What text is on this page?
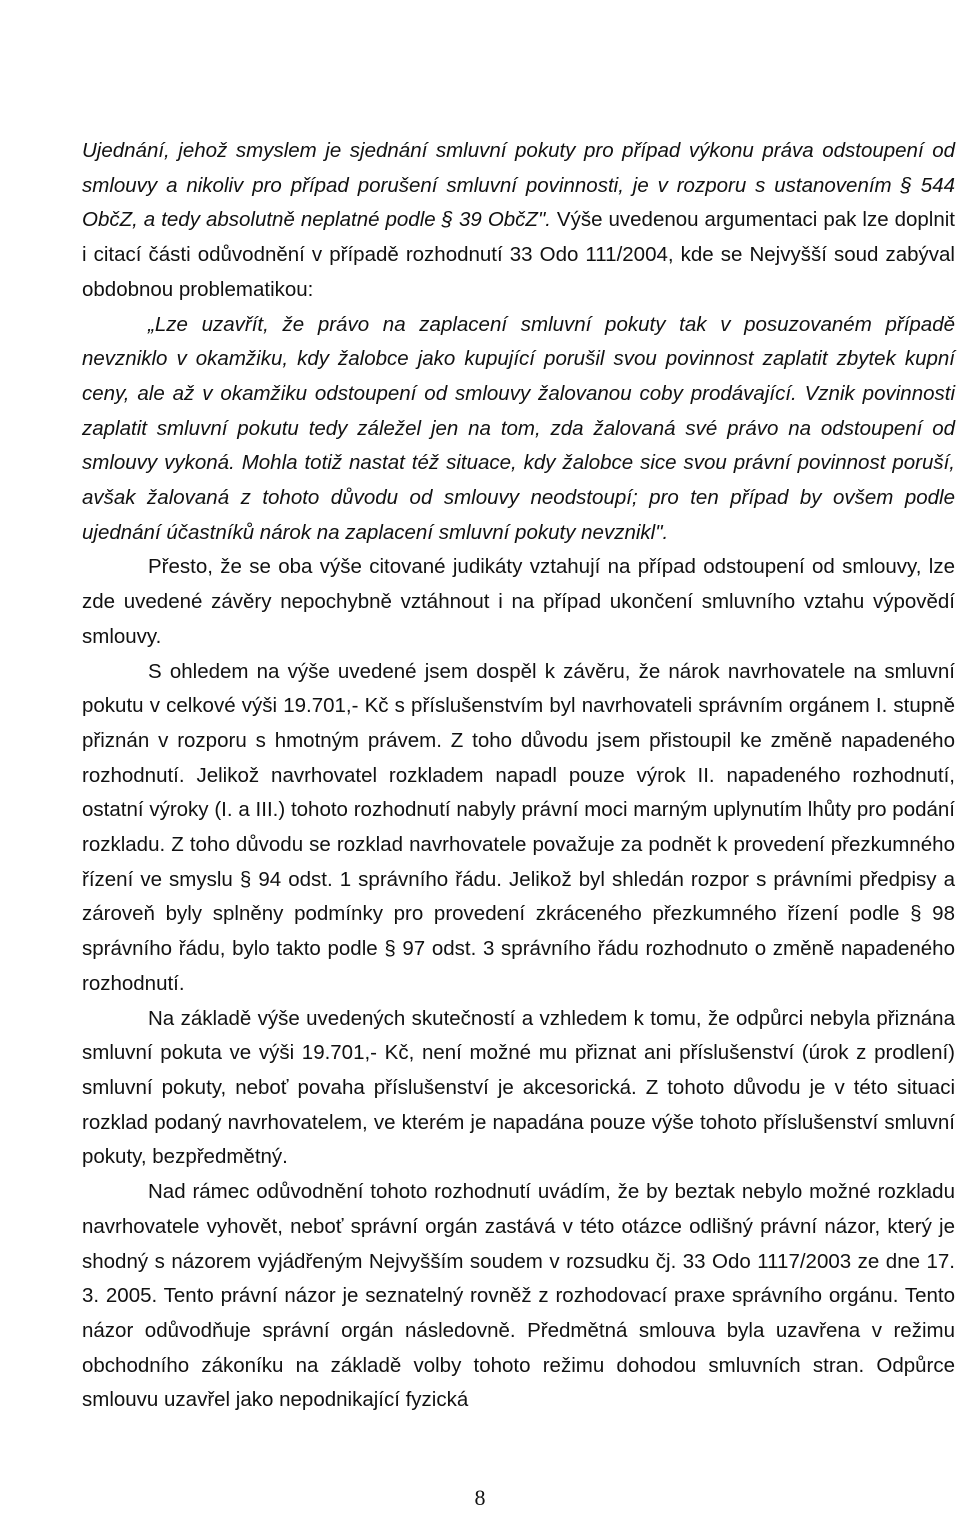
Ujednání, jehož smyslem je sjednání smluvní pokuty pro případ výkonu práva odstoupení od smlouvy a nikoliv pro případ porušení smluvní povinnosti, je v rozporu s ustanovením § 544 ObčZ, a tedy absolutně neplatné podle § 39 ObčZ". Výše uvedenou argumentaci pak lze doplnit i citací části odůvodnění v případě rozhodnutí 33 Odo 111/2004, kde se Nejvyšší soud zabýval obdobnou problematikou:

„Lze uzavřít, že právo na zaplacení smluvní pokuty tak v posuzovaném případě nevzniklo v okamžiku, kdy žalobce jako kupující porušil svou povinnost zaplatit zbytek kupní ceny, ale až v okamžiku odstoupení od smlouvy žalovanou coby prodávající. Vznik povinnosti zaplatit smluvní pokutu tedy záležel jen na tom, zda žalovaná své právo na odstoupení od smlouvy vykoná. Mohla totiž nastat též situace, kdy žalobce sice svou právní povinnost poruší, avšak žalovaná z tohoto důvodu od smlouvy neodstoupí; pro ten případ by ovšem podle ujednání účastníků nárok na zaplacení smluvní pokuty nevznikl".

Přesto, že se oba výše citované judikáty vztahují na případ odstoupení od smlouvy, lze zde uvedené závěry nepochybně vztáhnout i na případ ukončení smluvního vztahu výpovědí smlouvy.

S ohledem na výše uvedené jsem dospěl k závěru, že nárok navrhovatele na smluvní pokutu v celkové výši 19.701,- Kč s příslušenstvím byl navrhovateli správním orgánem I. stupně přiznán v rozporu s hmotným právem. Z toho důvodu jsem přistoupil ke změně napadeného rozhodnutí. Jelikož navrhovatel rozkladem napadl pouze výrok II. napadeného rozhodnutí, ostatní výroky (I. a III.) tohoto rozhodnutí nabyly právní moci marným uplynutím lhůty pro podání rozkladu. Z toho důvodu se rozklad navrhovatele považuje za podnět k provedení přezkumného řízení ve smyslu § 94 odst. 1 správního řádu. Jelikož byl shledán rozpor s právními předpisy a zároveň byly splněny podmínky pro provedení zkráceného přezkumného řízení podle § 98 správního řádu, bylo takto podle § 97 odst. 3 správního řádu rozhodnuto o změně napadeného rozhodnutí.

Na základě výše uvedených skutečností a vzhledem k tomu, že odpůrci nebyla přiznána smluvní pokuta ve výši 19.701,- Kč, není možné mu přiznat ani příslušenství (úrok z prodlení) smluvní pokuty, neboť povaha příslušenství je akcesorická. Z tohoto důvodu je v této situaci rozklad podaný navrhovatelem, ve kterém je napadána pouze výše tohoto příslušenství smluvní pokuty, bezpředmětný.

Nad rámec odůvodnění tohoto rozhodnutí uvádím, že by beztak nebylo možné rozkladu navrhovatele vyhovět, neboť správní orgán zastává v této otázce odlišný právní názor, který je shodný s názorem vyjádřeným Nejvyšším soudem v rozsudku čj. 33 Odo 1117/2003 ze dne 17. 3. 2005. Tento právní názor je seznatelný rovněž z rozhodovací praxe správního orgánu. Tento názor odůvodňuje správní orgán následovně. Předmětná smlouva byla uzavřena v režimu obchodního zákoníku na základě volby tohoto režimu dohodou smluvních stran. Odpůrce smlouvu uzavřel jako nepodnikající fyzická

8
